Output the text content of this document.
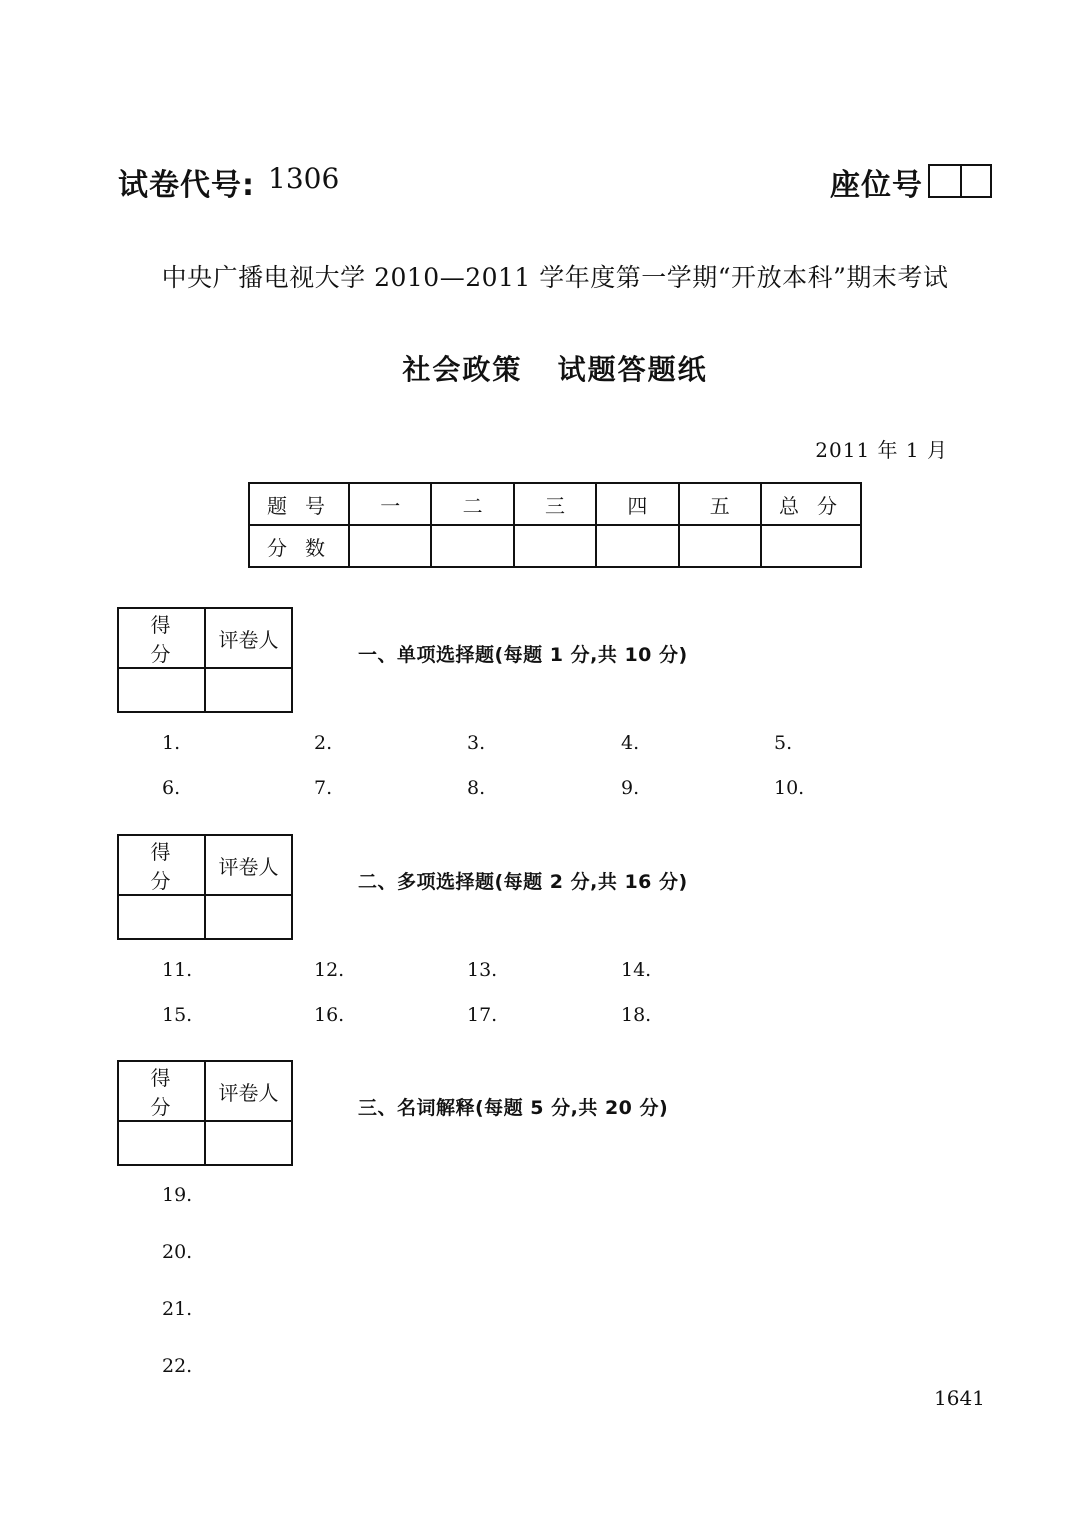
试卷代号: 1306	座位号
中央广播电视大学 2010—2011 学年度第一学期“开放本科”期末考试
社会政策   试题答题纸
2011 年 1 月
题号	一	二	三	四	五	总分
分数						
得分	评卷人

一、单项选择题(每题 1 分,共 10 分)
1.	2.	3.	4.	5.
6.	7.	8.	9.	10.
得分	评卷人

二、多项选择题(每题 2 分,共 16 分)
11.	12.	13.	14.
15.	16.	17.	18.
得分	评卷人

三、名词解释(每题 5 分,共 20 分)
19.
20.
21.
22.
1641
